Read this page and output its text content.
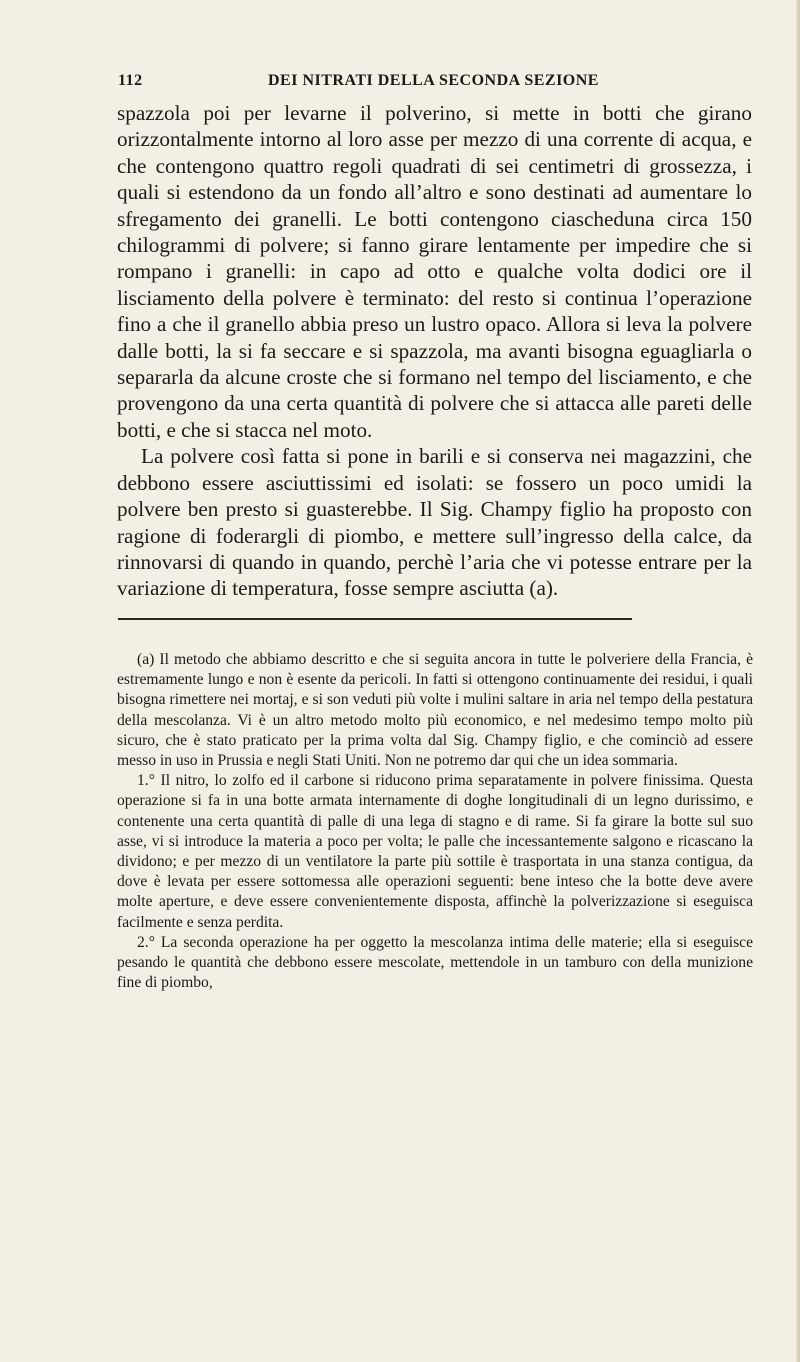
112	DEI NITRATI DELLA SECONDA SEZIONE

spazzola poi per levarne il polverino, si mette in botti che girano orizzontalmente intorno al loro asse per mezzo di una corrente di acqua, e che contengono quattro regoli quadrati di sei centimetri di grossezza, i quali si estendono da un fondo all’altro e sono destinati ad aumentare lo sfregamento dei granelli. Le botti contengono ciascheduna circa 150 chilogrammi di polvere; si fanno girare lentamente per impedire che si rompano i granelli: in capo ad otto e qualche volta dodici ore il lisciamento della polvere è terminato: del resto si continua l’operazione fino a che il granello abbia preso un lustro opaco. Allora si leva la polvere dalle botti, la si fa seccare e si spazzola, ma avanti bisogna eguagliarla o separarla da alcune croste che si formano nel tempo del lisciamento, e che provengono da una certa quantità di polvere che si attacca alle pareti delle botti, e che si stacca nel moto.

La polvere così fatta si pone in barili e si conserva nei magazzini, che debbono essere asciuttissimi ed isolati: se fossero un poco umidi la polvere ben presto si guasterebbe. Il Sig. Champy figlio ha proposto con ragione di foderargli di piombo, e mettere sull’ingresso della calce, da rinnovarsi di quando in quando, perchè l’aria che vi potesse entrare per la variazione di temperatura, fosse sempre asciutta (a).

(a) Il metodo che abbiamo descritto e che si seguita ancora in tutte le polveriere della Francia, è estremamente lungo e non è esente da pericoli. In fatti si ottengono continuamente dei residui, i quali bisogna rimettere nei mortaj, e si son veduti più volte i mulini saltare in aria nel tempo della pestatura della mescolanza. Vi è un altro metodo molto più economico, e nel medesimo tempo molto più sicuro, che è stato praticato per la prima volta dal Sig. Champy figlio, e che cominciò ad essere messo in uso in Prussia e negli Stati Uniti. Non ne potremo dar qui che un idea sommaria.

1.° Il nitro, lo zolfo ed il carbone si riducono prima separatamente in polvere finissima. Questa operazione si fa in una botte armata internamente di doghe longitudinali di un legno durissimo, e contenente una certa quantità di palle di una lega di stagno e di rame. Si fa girare la botte sul suo asse, vi si introduce la materia a poco per volta; le palle che incessantemente salgono e ricascano la dividono; e per mezzo di un ventilatore la parte più sottile è trasportata in una stanza contigua, da dove è levata per essere sottomessa alle operazioni seguenti: bene inteso che la botte deve avere molte aperture, e deve essere convenientemente disposta, affinchè la polverizzazione si eseguisca facilmente e senza perdita.

2.° La seconda operazione ha per oggetto la mescolanza intima delle materie; ella si eseguisce pesando le quantità che debbono essere mescolate, mettendole in un tamburo con della munizione fine di piombo,
